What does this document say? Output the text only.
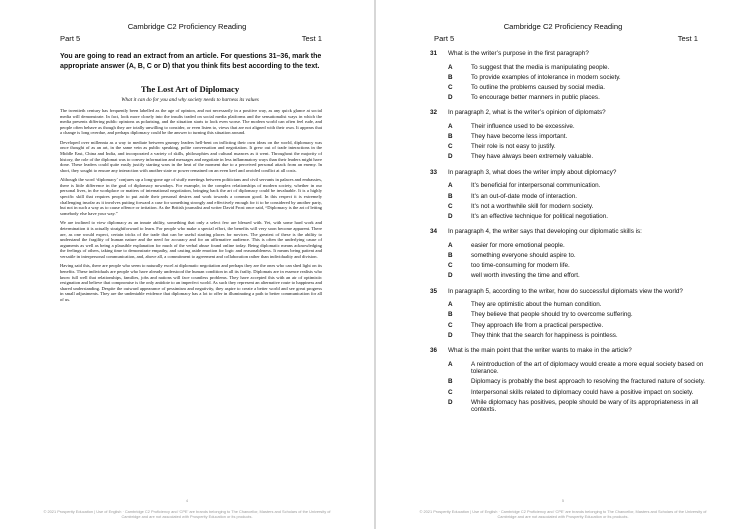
Cambridge C2 Proficiency Reading
Part 5	Test 1
You are going to read an extract from an article. For questions 31–36, mark the appropriate answer (A, B, C or D) that you think fits best according to the text.
The Lost Art of Diplomacy
What it can do for you and why society needs to harness its values

The twentieth century has frequently been labelled as the age of opinion, and not necessarily in a positive way, as any quick glance at social media will demonstrate. In fact, look more closely into the insults traded on social media platforms and the sensationalist ways in which the media presents differing public opinions as polarising, and the situation starts to look even worse. The modern world can often feel rude, and people often behave as though they are totally unwilling to consider, or even listen to, views that are not aligned with their own. It appears that a change is long overdue, and perhaps diplomacy could be the answer to turning this situation around.

Developed over millennia as a way to mediate between grumpy leaders hell-bent on inflicting their own ideas on the world, diplomacy was once thought of as an art, in the same vein as public speaking, polite conversation and negotiation. It grew out of trade interactions in the Middle East, China and India, and incorporated a variety of skills, philosophies and cultural nuances as it went. Throughout the majority of history, the role of the diplomat was to convey information and messages and negotiate in less inflammatory ways than their leaders might have done. These leaders could quite easily justify starting wars in the heat of the moment due to a perceived personal attack from an enemy. In short, they sought to ensure any interaction with another state or power remained on an even keel and avoided conflict at all costs.

Although the word ‘diplomacy’ conjures up a long-gone age of stuffy meetings between politicians and civil servants in palaces and embassies, there is little difference in the goal of diplomacy nowadays. For example, in the complex relationships of modern society, whether in our personal lives, in the workplace or matters of international negotiation, bringing back the art of diplomacy could be invaluable. It is a highly specific skill that requires people to put aside their personal desires and work towards a common good. In this respect it is extremely challenging insofar as it involves putting forward a case for something strongly and effectively enough for it to be considered by another party, but not in such a way as to cause offence or irritation. As the British journalist and writer David Frost once said, “Diplomacy is the art of letting somebody else have your way.”

We are inclined to view diplomacy as an innate ability, something that only a select few are blessed with. Yet, with some hard work and determination it is actually straightforward to learn. For people who make a special effort, the benefits will very soon become apparent. There are, as one would expect, certain tricks of the trade that can be useful starting places for novices. The greatest of these is the ability to understand the fragility of human nature and the need for accuracy and for an affirmative audience. This is often the underlying cause of arguments as well as being a plausible explanation for much of the verbal abuse found online today. Being diplomatic means acknowledging the feelings of others, taking time to demonstrate empathy, and casting aside emotion for logic and reasonableness. It means being patient and versatile in interpersonal communication, and, above all, a commitment to agreement and collaboration rather than individuality and division.

Having said this, there are people who seem to naturally excel at diplomatic negotiation and perhaps they are the ones who can shed light on its benefits. These individuals are people who have already understood the human condition in all its frailty. Diplomats are in essence realists who know full well that relationships, families, jobs and nations will face countless problems. They have accepted this with an air of optimistic resignation and believe that compromise is the only antidote to an imperfect world. As such they represent an alternative route to happiness and shared understanding. Despite the outward appearance of pessimism and negativity, they aspire to create a better world and see great progress in small adjustments. They are the undeniable evidence that diplomacy has a lot to offer in illuminating a path to better communication for all of us.

4
© 2021 Prosperity Education | Use of English · Cambridge C2 Proficiency and ‘CPE’ are brands belonging to The Chancellor, Masters and Scholars of the University of Cambridge and are not associated with Prosperity Education or its products.
Cambridge C2 Proficiency Reading
Part 5	Test 1
31	What is the writer’s purpose in the first paragraph?
A	To suggest that the media is manipulating people.
B	To provide examples of intolerance in modern society.
C	To outline the problems caused by social media.
D	To encourage better manners in public places.
32	In paragraph 2, what is the writer’s opinion of diplomats?
A	Their influence used to be excessive.
B	They have become less important.
C	Their role is not easy to justify.
D	They have always been extremely valuable.
33	In paragraph 3, what does the writer imply about diplomacy?
A	It’s beneficial for interpersonal communication.
B	It’s an out-of-date mode of interaction.
C	It’s not a worthwhile skill for modern society.
D	It’s an effective technique for political negotiation.
34	In paragraph 4, the writer says that developing our diplomatic skills is:
A	easier for more emotional people.
B	something everyone should aspire to.
C	too time-consuming for modern life.
D	well worth investing the time and effort.
35	In paragraph 5, according to the writer, how do successful diplomats view the world?
A	They are optimistic about the human condition.
B	They believe that people should try to overcome suffering.
C	They approach life from a practical perspective.
D	They think that the search for happiness is pointless.
36	What is the main point that the writer wants to make in the article?
A	A reintroduction of the art of diplomacy would create a more equal society based on tolerance.
B	Diplomacy is probably the best approach to resolving the fractured nature of society.
C	Interpersonal skills related to diplomacy could have a positive impact on society.
D	While diplomacy has positives, people should be wary of its appropriateness in all contexts.
5
© 2021 Prosperity Education | Use of English · Cambridge C2 Proficiency and ‘CPE’ are brands belonging to The Chancellor, Masters and Scholars of the University of Cambridge and are not associated with Prosperity Education or its products.
